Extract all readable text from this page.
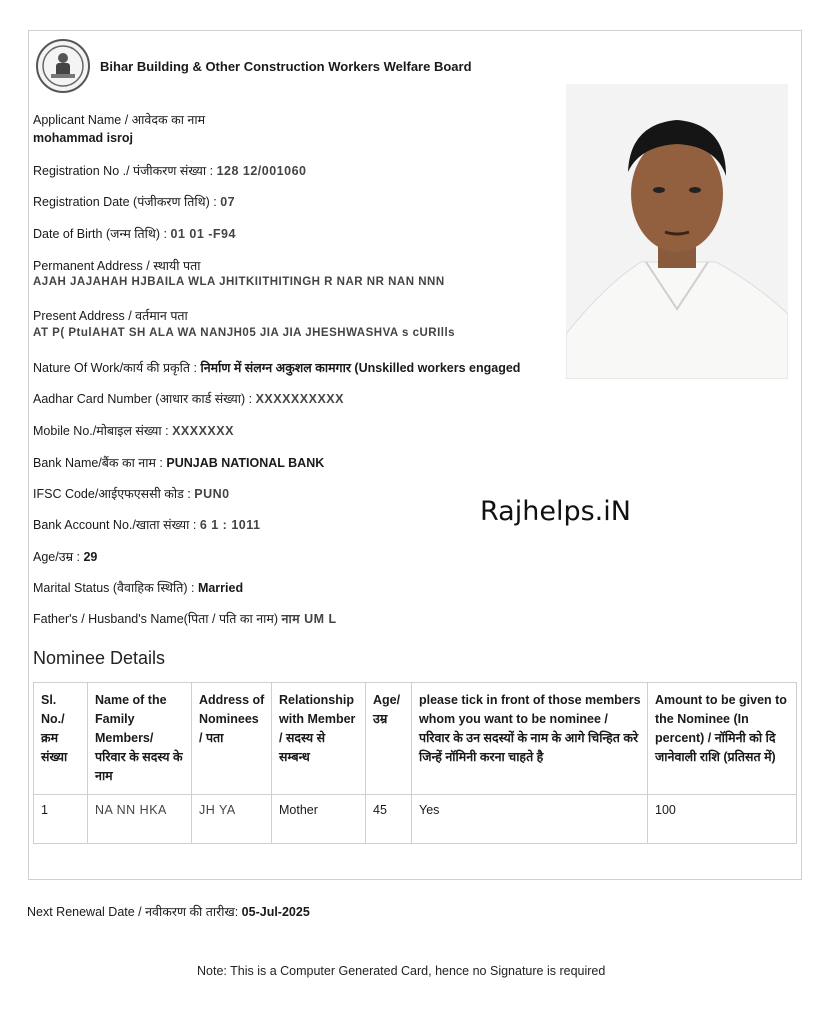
Bihar Building & Other Construction Workers Welfare Board
Applicant Name / आवेदक का नाम
mohammad isroj
Registration No ./ पंजीकरण संख्या : 128⁠⁠ 12/001060
Registration Date (पंजीकरण तिथि) : 07
Date of Birth (जन्म तिथि) : 01 01 -F94
Permanent Address / स्थायी पता
AJAH JAJAHAH HJBAILA WLA JHITKIITHITINGH R NAR NR NAN NNN
Present Address / वर्तमान पता
AT P( PtulAHAT SH ALA WA NANJH05 JIA JIA JHESHWASHVA s cURIlls
Nature Of Work/कार्य की प्रकृति : निर्माण में संलग्न अकुशल कामगार (Unskilled workers engaged
Aadhar Card Number (आधार कार्ड संख्या) : XXXXXXXXXX
Mobile No./मोबाइल संख्या : XXXXXXX
Bank Name/बैंक का नाम : PUNJAB NATIONAL BANK
IFSC Code/आईएफएससी कोड : PUN0
Bank Account No./खाता संख्या : 6 1 : 1011
Age/उम्र : 29
Marital Status (वैवाहिक स्थिति) : Married
Father's / Husband's Name(पिता / पति का नाम) नाम UM L
Rajhelps.iN
Nominee Details
Sl. No./ क्रम संख्या	Name of the Family Members/ परिवार के सदस्य के नाम	Address of Nominees / पता	Relationship with Member / सदस्य से सम्बन्ध	Age/ उम्र	please tick in front of those members whom you want to be nominee / परिवार के उन सदस्यों के नाम के आगे चिन्हित करे जिन्हें नॉमिनी करना चाहते है	Amount to be given to the Nominee (In percent) / नॉमिनी को दि जानेवाली राशि (प्रतिसत में)
1	NA NN HKA	JH YA	Mother	45	Yes	100
Next Renewal Date / नवीकरण की तारीख: 05-Jul-2025
Note: This is a Computer Generated Card, hence no Signature is required
